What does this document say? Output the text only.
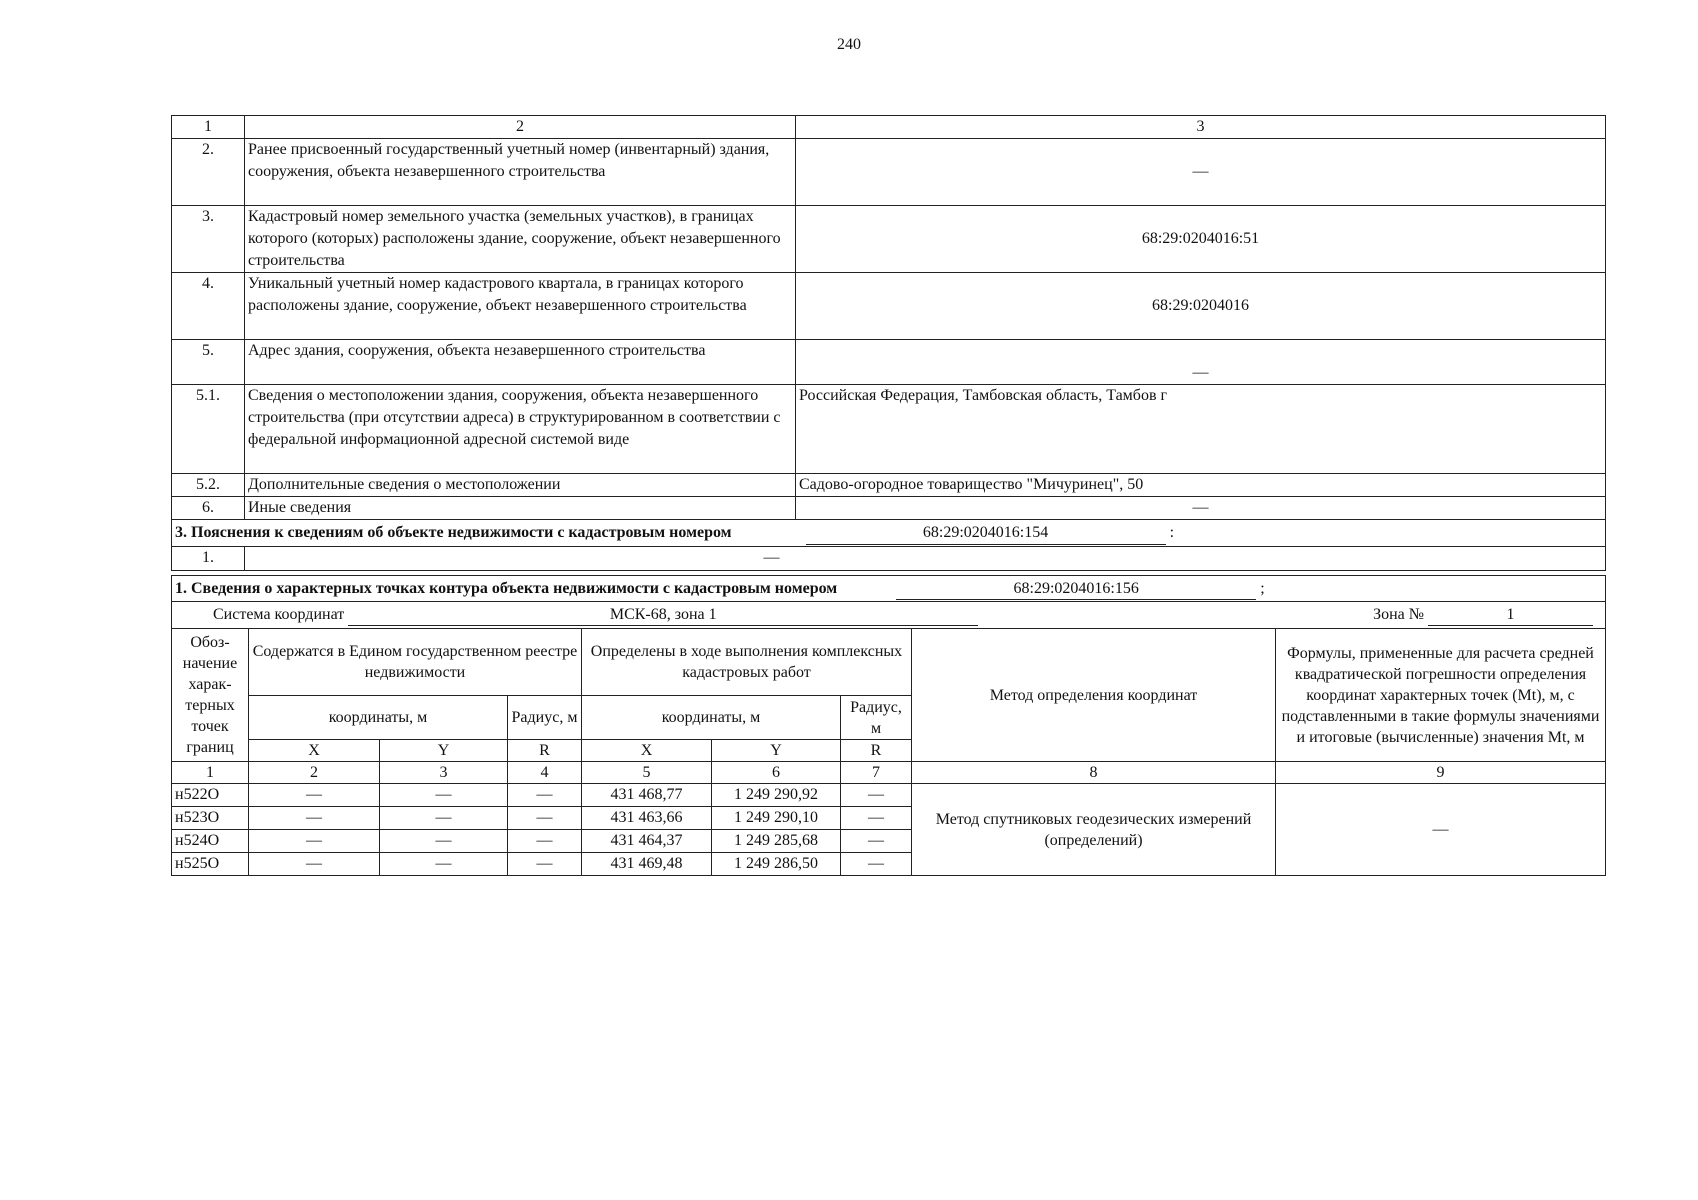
240
1	2	3
2.	Ранее присвоенный государственный учетный номер (инвентарный) здания, сооружения, объекта незавершенного строительства	—
3.	Кадастровый номер земельного участка (земельных участков), в границах которого (которых) расположены здание, сооружение, объект незавершенного строительства	68:29:0204016:51
4.	Уникальный учетный номер кадастрового квартала, в границах которого расположены здание, сооружение, объект незавершенного строительства	68:29:0204016
5.	Адрес здания, сооружения, объекта незавершенного строительства	—
5.1.	Сведения о местоположении здания, сооружения, объекта незавершенного строительства (при отсутствии адреса) в структурированном в соответствии с федеральной информационной адресной системой виде	Российская Федерация, Тамбовская область, Тамбов г
5.2.	Дополнительные сведения о местоположении	Садово-огородное товарищество "Мичуринец", 50
6.	Иные сведения	—
3. Пояснения к сведениям об объекте недвижимости с кадастровым номером 68:29:0204016:154 :		
1.	—	
1. Сведения о характерных точках контура объекта недвижимости с кадастровым номером 68:29:0204016:156 ;								
Система координат МСК-68, зона 1 Зона № 1								

Обоз-начение харак-терных точек границ	Содержатся в Едином государственном реестре недвижимости			Определены в ходе выполнения комплексных кадастровых работ			Метод определения координат	Формулы, примененные для расчета средней квадратической погрешности определения координат характерных точек (Mt), м, с подставленными в такие формулы значениями и итоговые (вычисленные) значения Mt, м
	координаты, м		Радиус, м	координаты, м		Радиус, м		
	X	Y	R	X	Y	R		
1	2	3	4	5	6	7	8	9
н522О	—	—	—	431 468,77	1 249 290,92	—	Метод спутниковых геодезических измерений (определений)	—
н523О	—	—	—	431 463,66	1 249 290,10	—		
н524О	—	—	—	431 464,37	1 249 285,68	—		
н525О	—	—	—	431 469,48	1 249 286,50	—		
